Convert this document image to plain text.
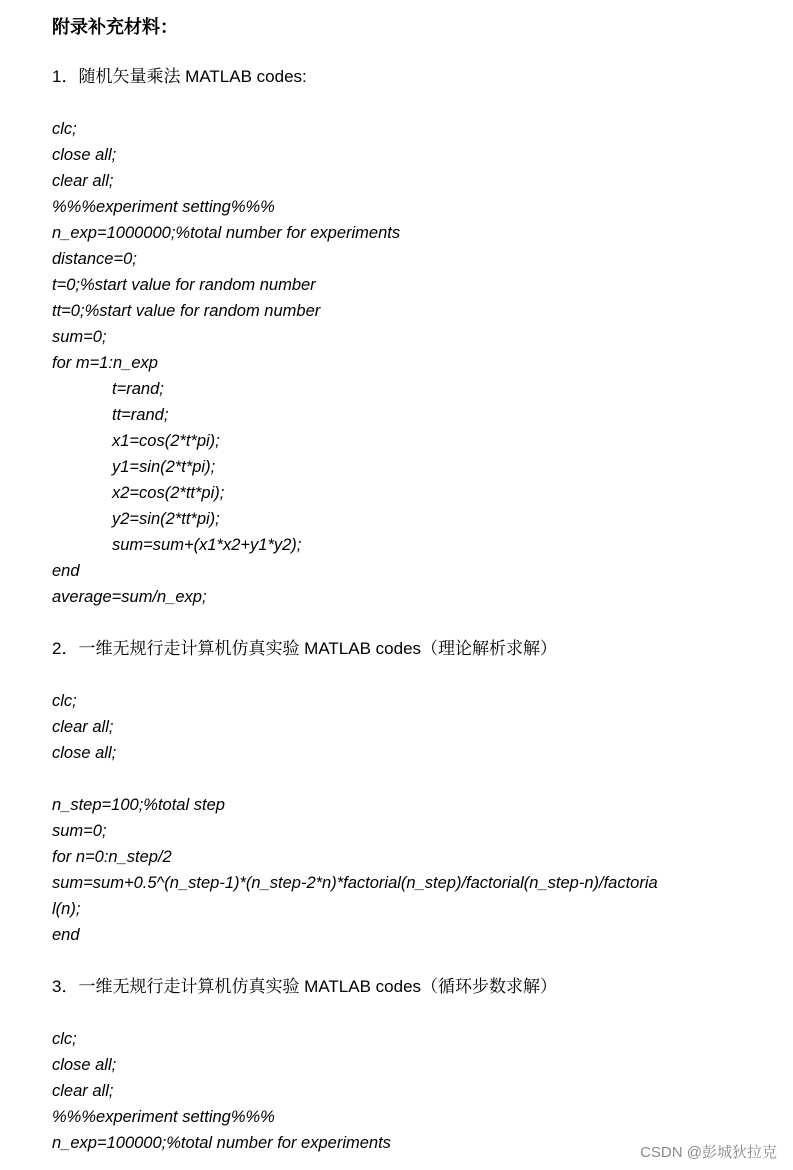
附录补充材料：
1．随机矢量乘法 MATLAB codes:
clc;
close all;
clear all;
%%%experiment setting%%%
n_exp=1000000;%total number for experiments
distance=0;
t=0;%start value for random number
tt=0;%start value for random number
sum=0;
for m=1:n_exp
t=rand;
tt=rand;
x1=cos(2*t*pi);
y1=sin(2*t*pi);
x2=cos(2*tt*pi);
y2=sin(2*tt*pi);
sum=sum+(x1*x2+y1*y2);
end
average=sum/n_exp;
2．一维无规行走计算机仿真实验 MATLAB codes（理论解析求解）
clc;
clear all;
close all;
n_step=100;%total step
sum=0;
for n=0:n_step/2
sum=sum+0.5^(n_step-1)*(n_step-2*n)*factorial(n_step)/factorial(n_step-n)/factoria
l(n);
end
3．一维无规行走计算机仿真实验 MATLAB codes（循环步数求解）
clc;
close all;
clear all;
%%%experiment setting%%%
n_exp=100000;%total number for experiments
CSDN @彭城狄拉克
